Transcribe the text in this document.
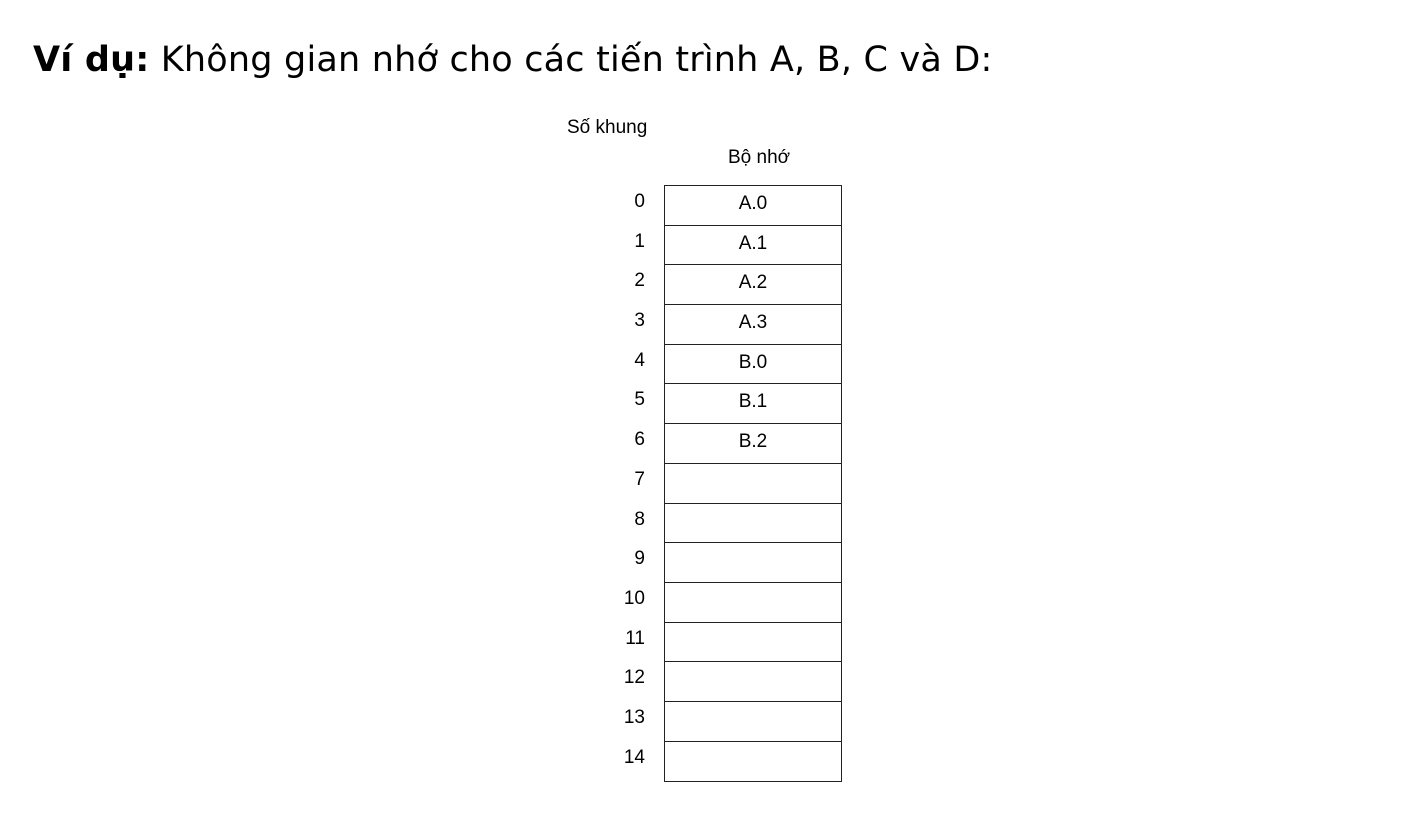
Ví dụ: Không gian nhớ cho các tiến trình A, B, C và D:
Số khung
Bộ nhớ
0
1
2
3
4
5
6
7
8
9
10
11
12
13
14
A.0
A.1
A.2
A.3
B.0
B.1
B.2
